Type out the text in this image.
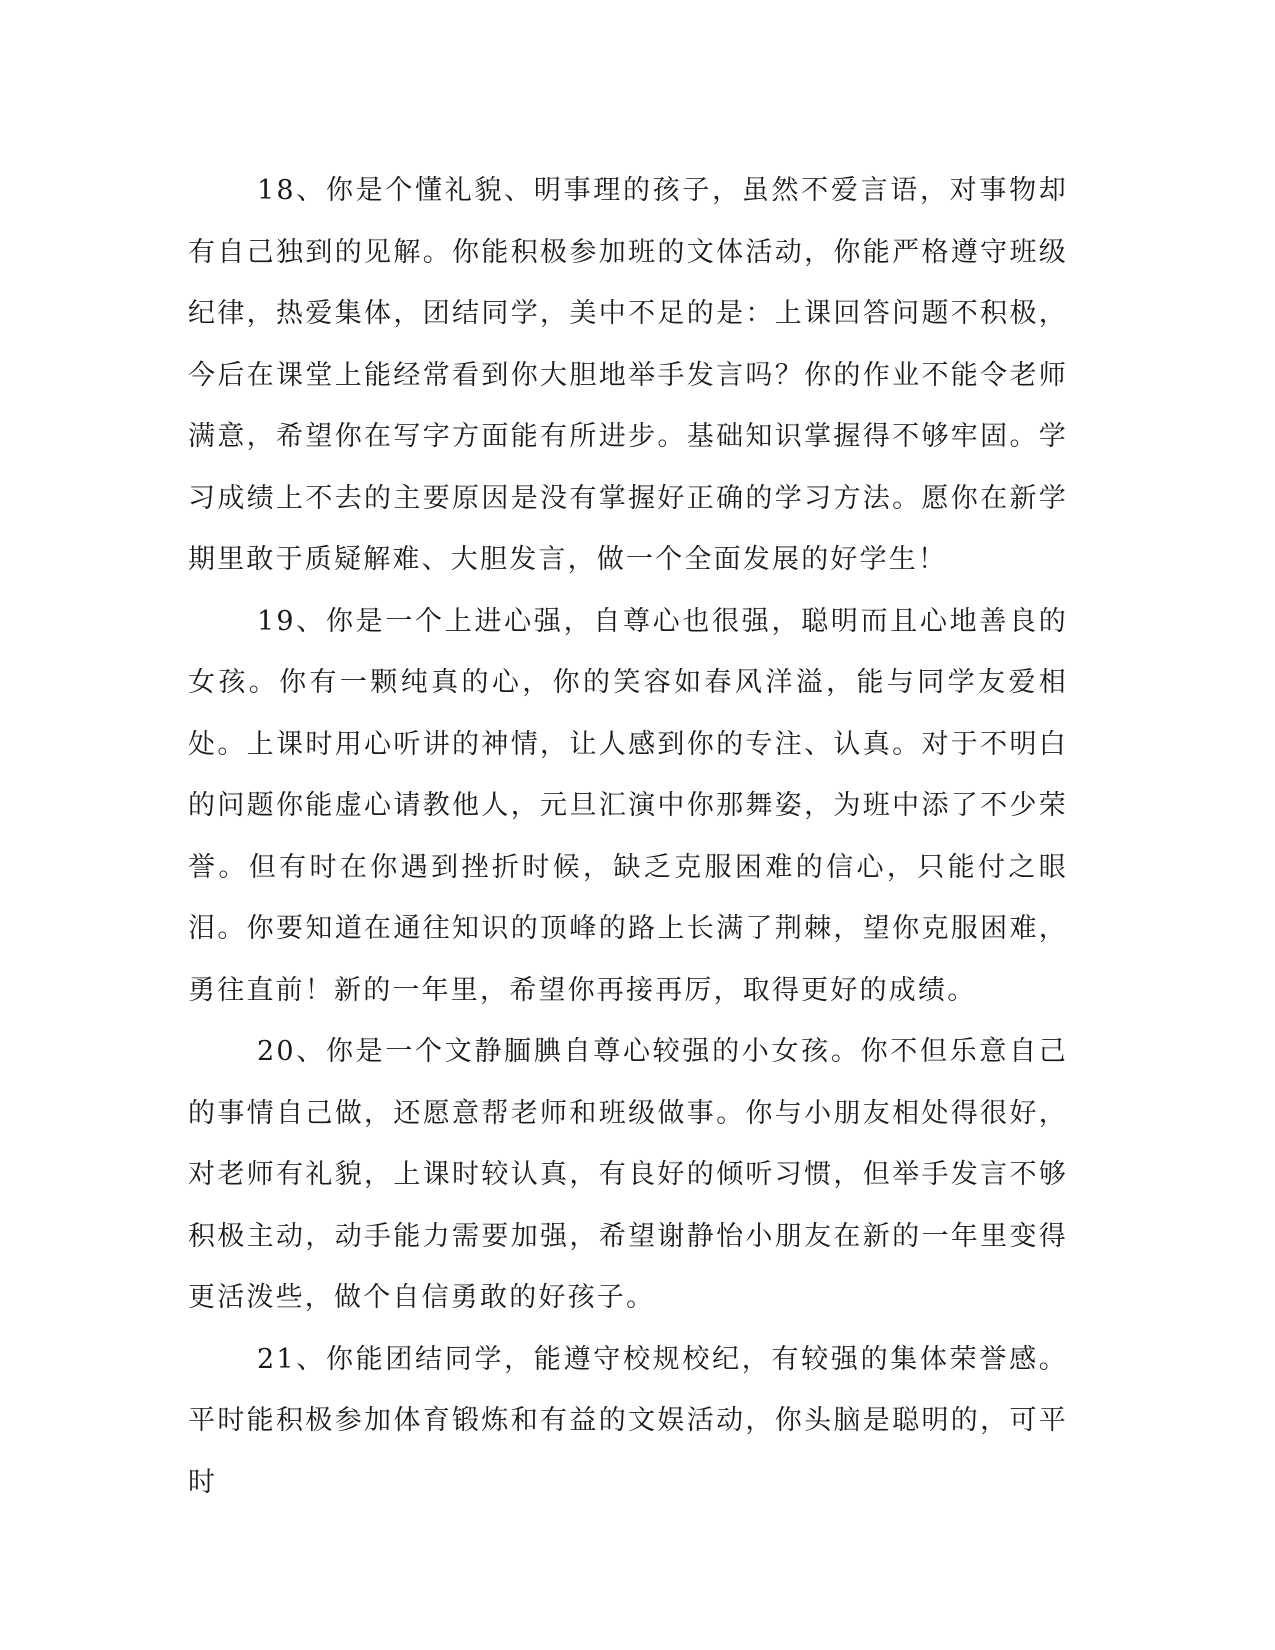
18、你是个懂礼貌、明事理的孩子，虽然不爱言语，对事物却有自己独到的见解。你能积极参加班的文体活动，你能严格遵守班级纪律，热爱集体，团结同学，美中不足的是：上课回答问题不积极，今后在课堂上能经常看到你大胆地举手发言吗？你的作业不能令老师满意，希望你在写字方面能有所进步。基础知识掌握得不够牢固。学习成绩上不去的主要原因是没有掌握好正确的学习方法。愿你在新学期里敢于质疑解难、大胆发言，做一个全面发展的好学生！

19、你是一个上进心强，自尊心也很强，聪明而且心地善良的女孩。你有一颗纯真的心，你的笑容如春风洋溢，能与同学友爱相处。上课时用心听讲的神情，让人感到你的专注、认真。对于不明白的问题你能虚心请教他人，元旦汇演中你那舞姿，为班中添了不少荣誉。但有时在你遇到挫折时候，缺乏克服困难的信心，只能付之眼泪。你要知道在通往知识的顶峰的路上长满了荆棘，望你克服困难，勇往直前！新的一年里，希望你再接再厉，取得更好的成绩。

20、你是一个文静腼腆自尊心较强的小女孩。你不但乐意自己的事情自己做，还愿意帮老师和班级做事。你与小朋友相处得很好，对老师有礼貌，上课时较认真，有良好的倾听习惯，但举手发言不够积极主动，动手能力需要加强，希望谢静怡小朋友在新的一年里变得更活泼些，做个自信勇敢的好孩子。

21、你能团结同学，能遵守校规校纪，有较强的集体荣誉感。平时能积极参加体育锻炼和有益的文娱活动，你头脑是聪明的，可平时
